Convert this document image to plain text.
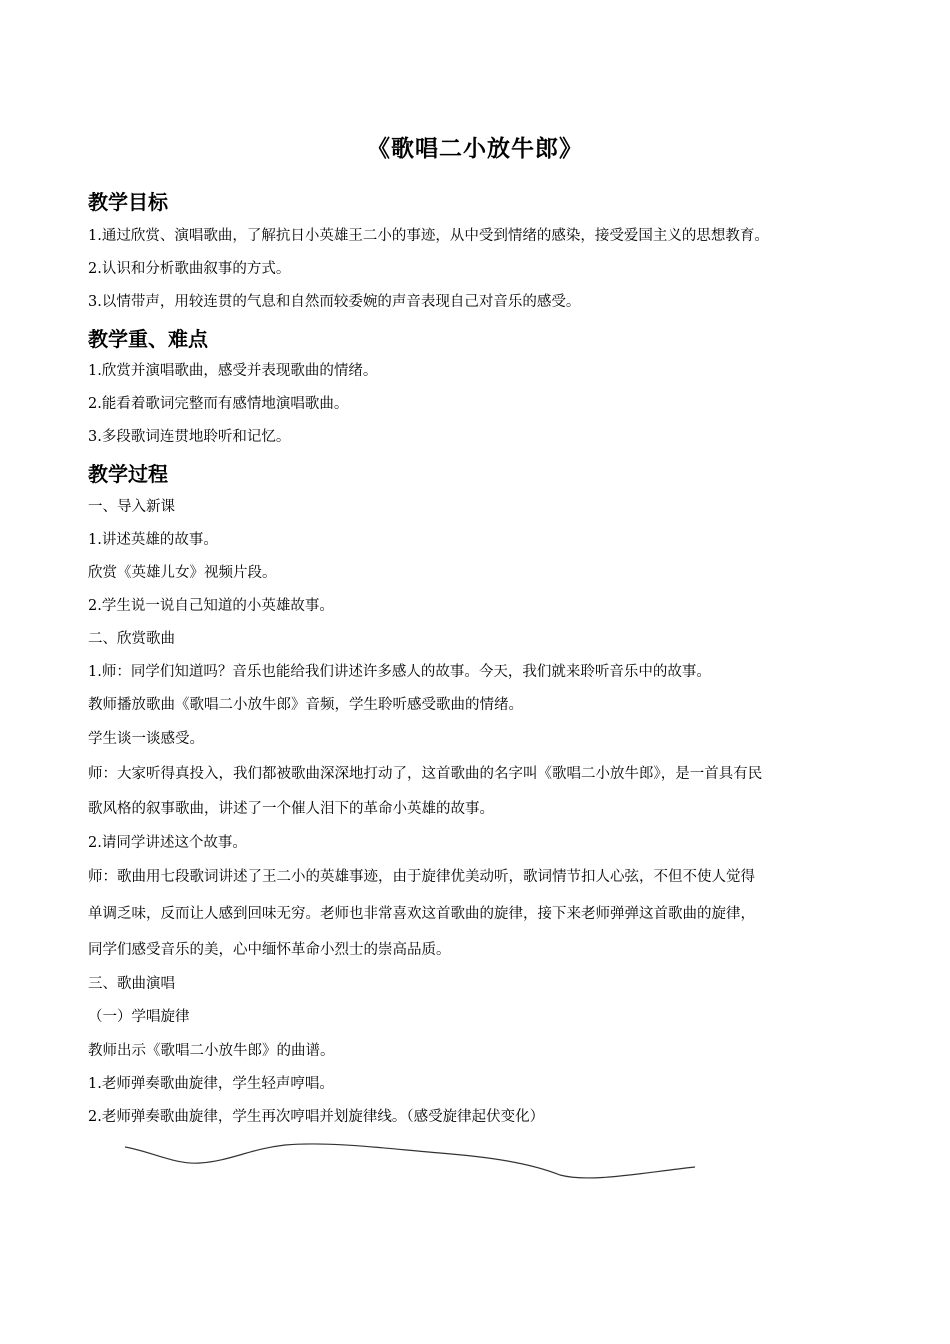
《歌唱二小放牛郎》
教学目标
1.通过欣赏、演唱歌曲，了解抗日小英雄王二小的事迹，从中受到情绪的感染，接受爱国主义的思想教育。
2.认识和分析歌曲叙事的方式。
3.以情带声，用较连贯的气息和自然而较委婉的声音表现自己对音乐的感受。
教学重、难点
1.欣赏并演唱歌曲，感受并表现歌曲的情绪。
2.能看着歌词完整而有感情地演唱歌曲。
3.多段歌词连贯地聆听和记忆。
教学过程
一、导入新课
1.讲述英雄的故事。
欣赏《英雄儿女》视频片段。
2.学生说一说自己知道的小英雄故事。
二、欣赏歌曲
1.师：同学们知道吗？音乐也能给我们讲述许多感人的故事。今天，我们就来聆听音乐中的故事。
教师播放歌曲《歌唱二小放牛郎》音频，学生聆听感受歌曲的情绪。
学生谈一谈感受。
师：大家听得真投入，我们都被歌曲深深地打动了，这首歌曲的名字叫《歌唱二小放牛郎》，是一首具有民
歌风格的叙事歌曲，讲述了一个催人泪下的革命小英雄的故事。
2.请同学讲述这个故事。
师：歌曲用七段歌词讲述了王二小的英雄事迹，由于旋律优美动听，歌词情节扣人心弦，不但不使人觉得
单调乏味，反而让人感到回味无穷。老师也非常喜欢这首歌曲的旋律，接下来老师弹弹这首歌曲的旋律，
同学们感受音乐的美，心中缅怀革命小烈士的崇高品质。
三、歌曲演唱
（一）学唱旋律
教师出示《歌唱二小放牛郎》的曲谱。
1.老师弹奏歌曲旋律，学生轻声哼唱。
2.老师弹奏歌曲旋律，学生再次哼唱并划旋律线。（感受旋律起伏变化）
